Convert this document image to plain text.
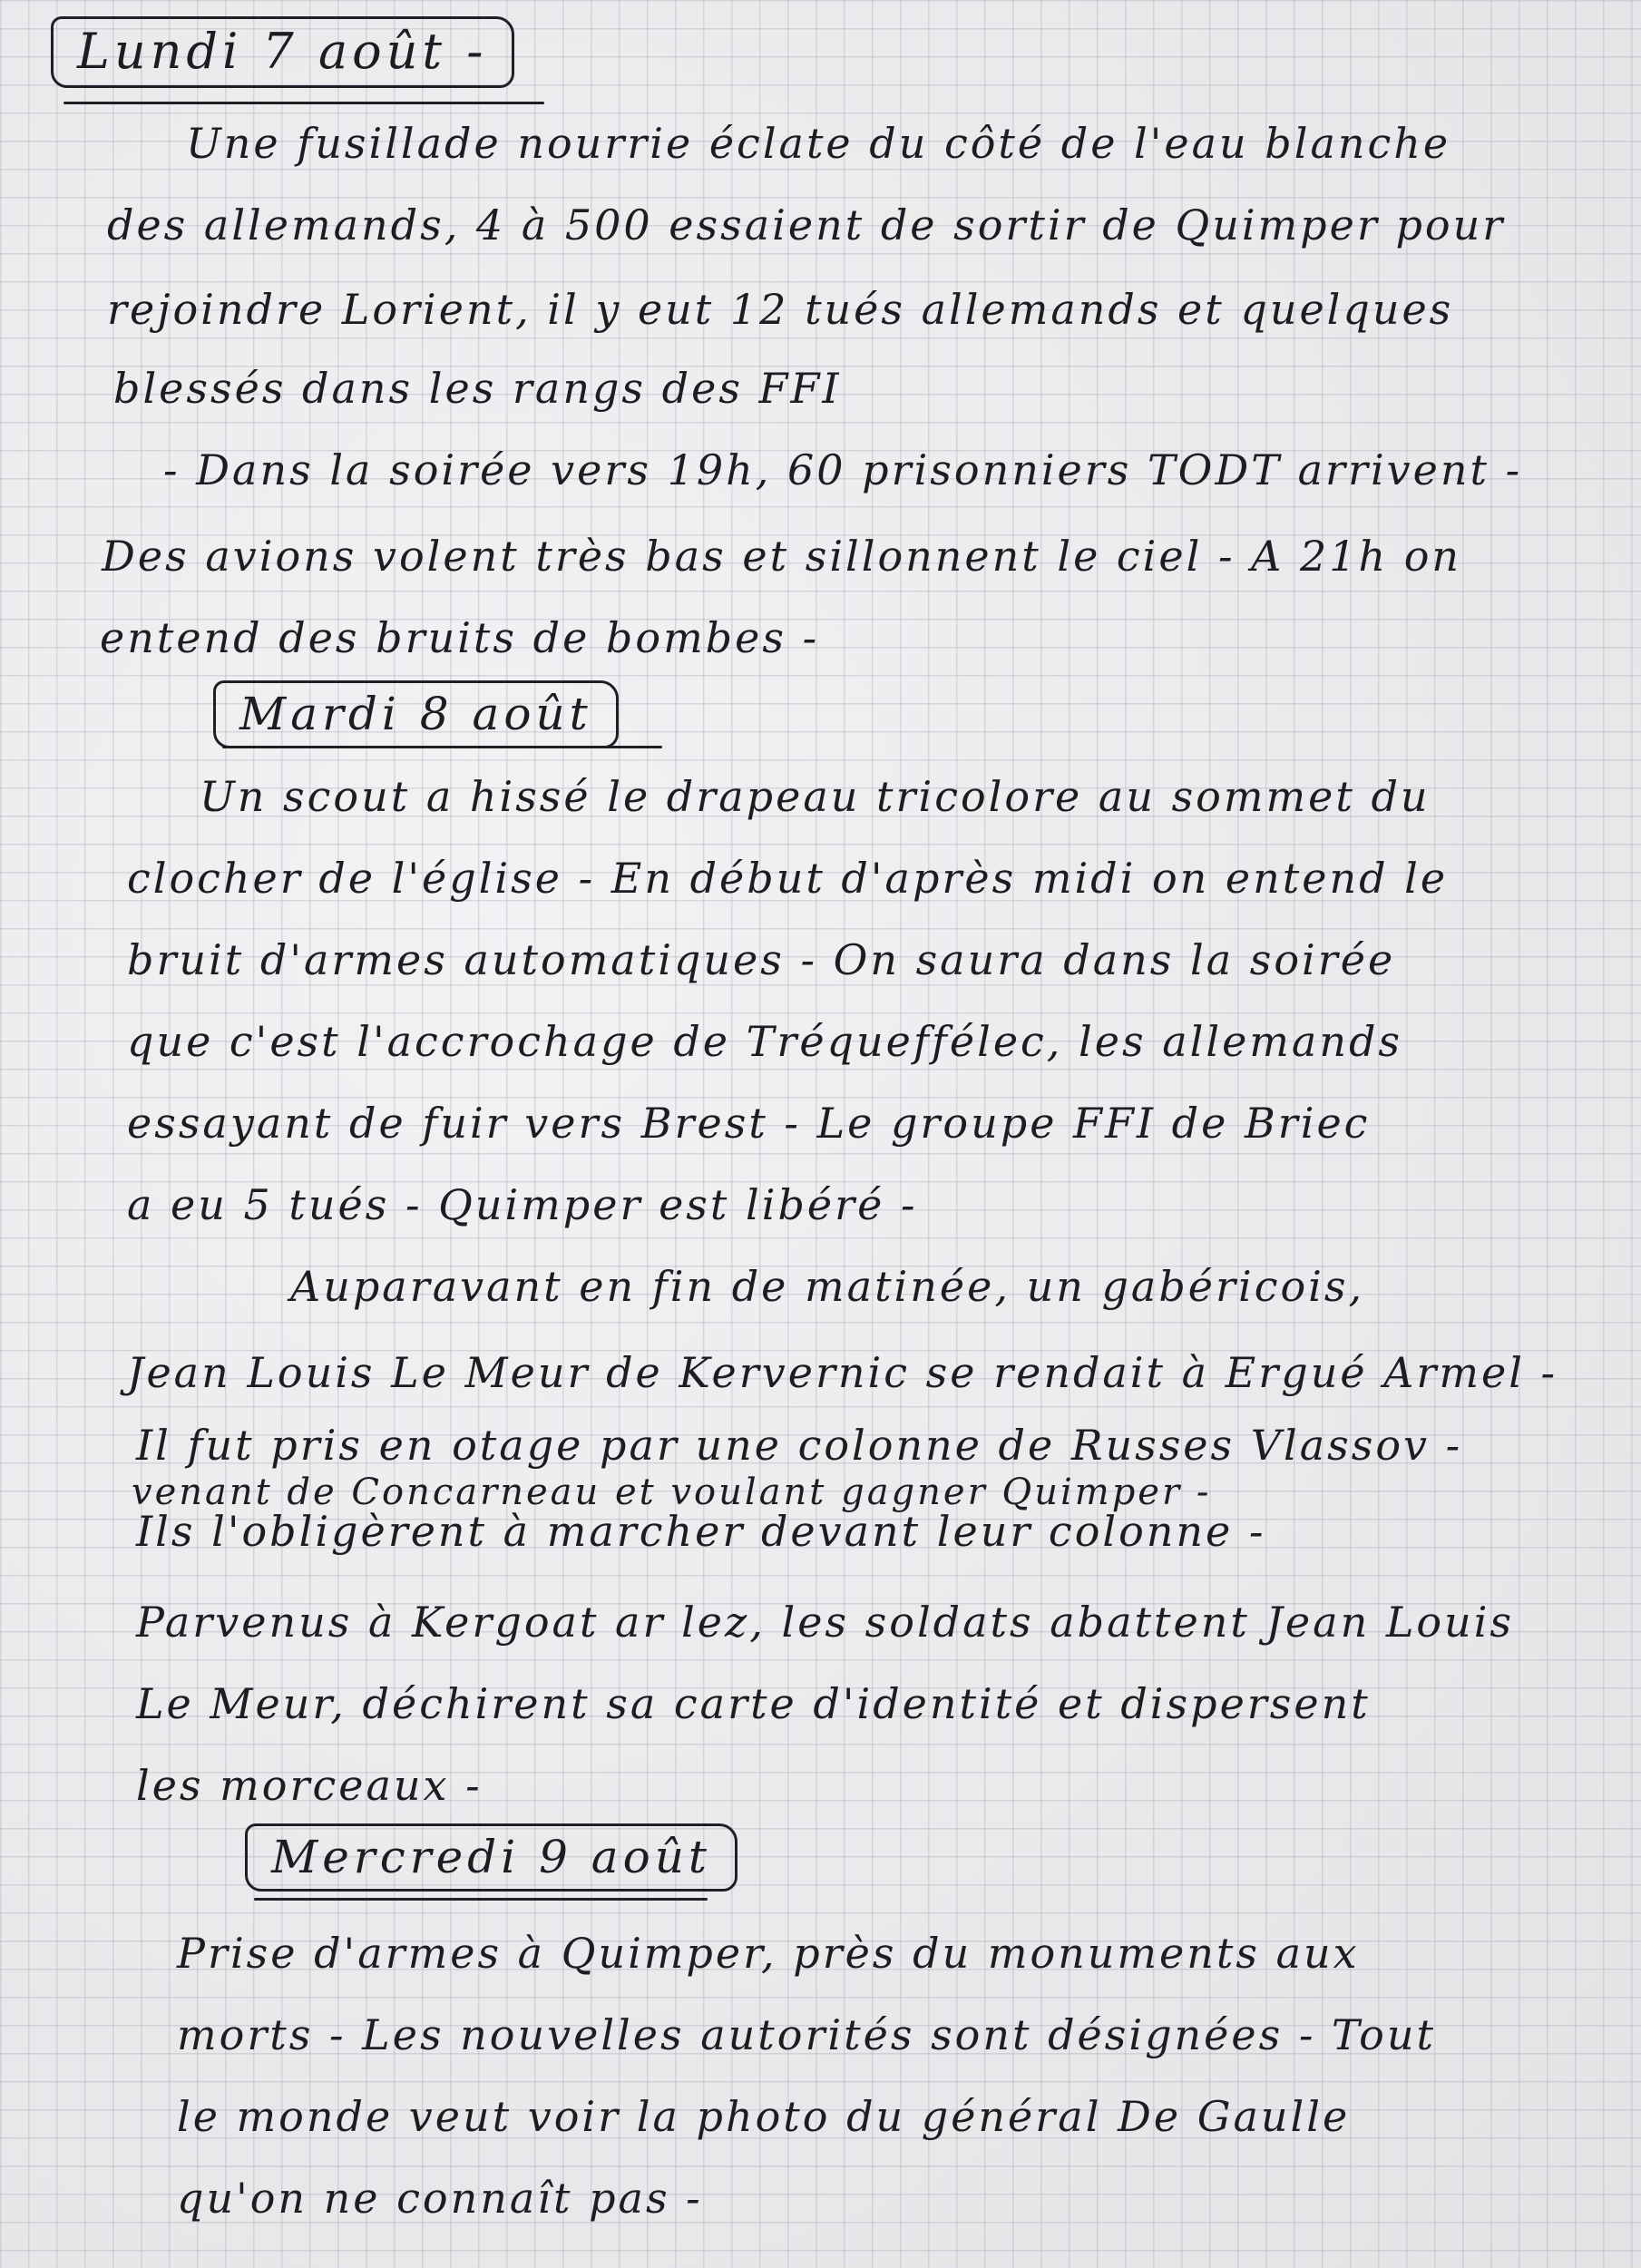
Lundi 7 août -
Une fusillade nourrie éclate du côté de l'eau blanche
des allemands, 4 à 500 essaient de sortir de Quimper pour
rejoindre Lorient, il y eut 12 tués allemands et quelques
blessés dans les rangs des FFI
- Dans la soirée vers 19h, 60 prisonniers TODT arrivent -
Des avions volent très bas et sillonnent le ciel - A 21h on
entend des bruits de bombes -
Mardi 8 août
Un scout a hissé le drapeau tricolore au sommet du
clocher de l'église - En début d'après midi on entend le
bruit d'armes automatiques - On saura dans la soirée
que c'est l'accrochage de Tréqueffélec, les allemands
essayant de fuir vers Brest - Le groupe FFI de Briec
a eu 5 tués - Quimper est libéré -
Auparavant en fin de matinée, un gabéricois,
Jean Louis Le Meur de Kervernic se rendait à Ergué Armel -
Il fut pris en otage par une colonne de Russes Vlassov -
venant de Concarneau et voulant gagner Quimper -
Ils l'obligèrent à marcher devant leur colonne -
Parvenus à Kergoat ar lez, les soldats abattent Jean Louis
Le Meur, déchirent sa carte d'identité et dispersent
les morceaux -
Mercredi 9 août
Prise d'armes à Quimper, près du monuments aux
morts - Les nouvelles autorités sont désignées - Tout
le monde veut voir la photo du général De Gaulle
qu'on ne connaît pas -
